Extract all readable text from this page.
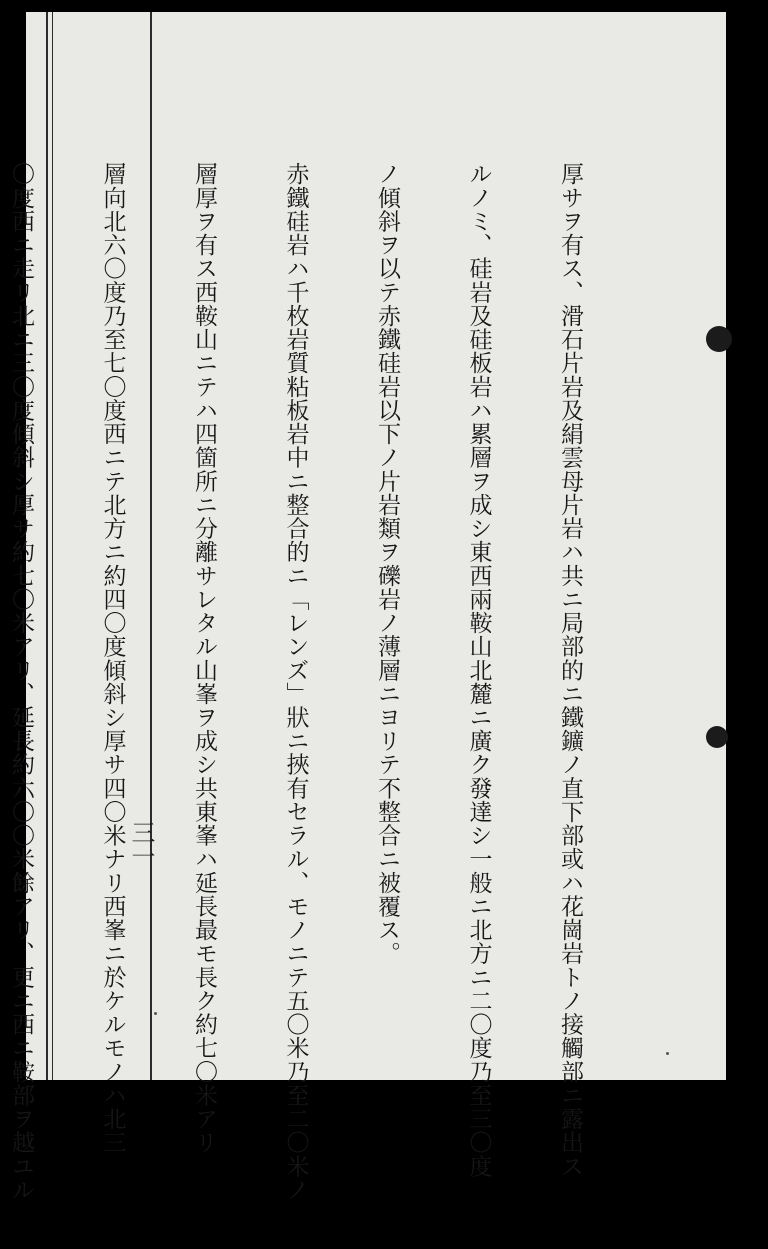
厚サヲ有ス、滑石片岩及絹雲母片岩ハ共ニ局部的ニ鐵鑛ノ直下部或ハ花崗岩トノ接觸部ニ露出ス

ルノミ、硅岩及硅板岩ハ累層ヲ成シ東西兩鞍山北麓ニ廣ク發達シ一般ニ北方ニ二〇度乃至三〇度

ノ傾斜ヲ以テ赤鐵硅岩以下ノ片岩類ヲ礫岩ノ薄層ニヨリテ不整合ニ被覆ス。

赤鐵硅岩ハ千枚岩質粘板岩中ニ整合的ニ「レンズ」狀ニ挾有セラル、モノニテ五〇米乃至二〇米ノ

層厚ヲ有ス西鞍山ニテハ四箇所ニ分離サレタル山峯ヲ成シ共東峯ハ延長最モ長ク約七〇米アリ

層向北六〇度乃至七〇度西ニテ北方ニ約四〇度傾斜シ厚サ四〇米ナリ西峯ニ於ケルモノハ北三

〇度西ニ走リ北ニ三〇度傾斜シ厚サ約七〇米アリ、延長約六〇〇米餘アリ、更ニ西ニ鞍部ヲ越ユル

	三一
